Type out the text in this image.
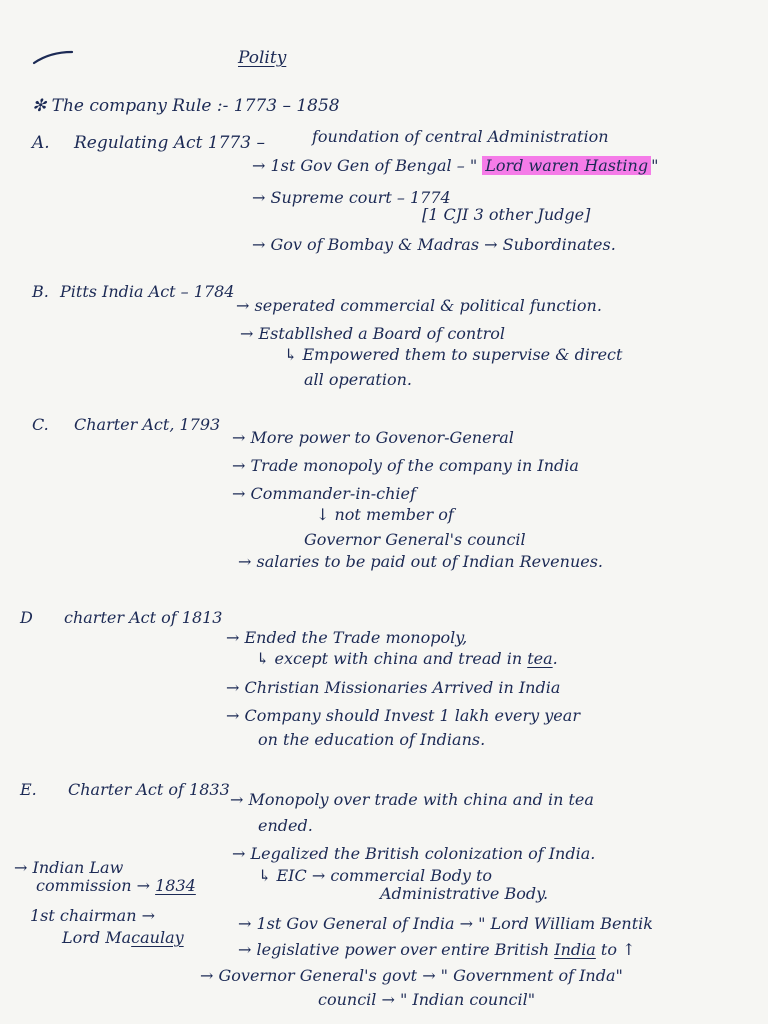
Polity
✻ The company Rule :- 1773 – 1858
A. Regulating Act 1773 –	foundation of central Administration
→ 1st Gov Gen of Bengal – " Lord waren Hasting "
→ Supreme court – 1774
[1 CJI 3 other Judge]
→ Gov of Bombay & Madras → Subordinates.
B. Pitts India Act – 1784
→ seperated commercial & political function.
→ Establlshed a Board of control
↳ Empowered them to supervise & direct
all operation.
C. Charter Act, 1793
→ More power to Govenor-General
→ Trade monopoly of the company in India
→ Commander-in-chief
↓ not member of
Governor General's council
→ salaries to be paid out of Indian Revenues.
D charter Act of 1813
→ Ended the Trade monopoly,
↳ except with china and tread in tea.
→ Christian Missionaries Arrived in India
→ Company should Invest 1 lakh every year
on the education of Indians.
E. Charter Act of 1833
→ Monopoly over trade with china and in tea
ended.
→ Legalized the British colonization of India.
↳ EIC → commercial Body to
Administrative Body.
→ 1st Gov General of India → " Lord William Bentik
→ legislative power over entire British India to ↑
→ Governor General's govt → " Government of Inda"
council → " Indian council"
→ Indian Law
commission → 1834
1st chairman →
Lord Macaulay
